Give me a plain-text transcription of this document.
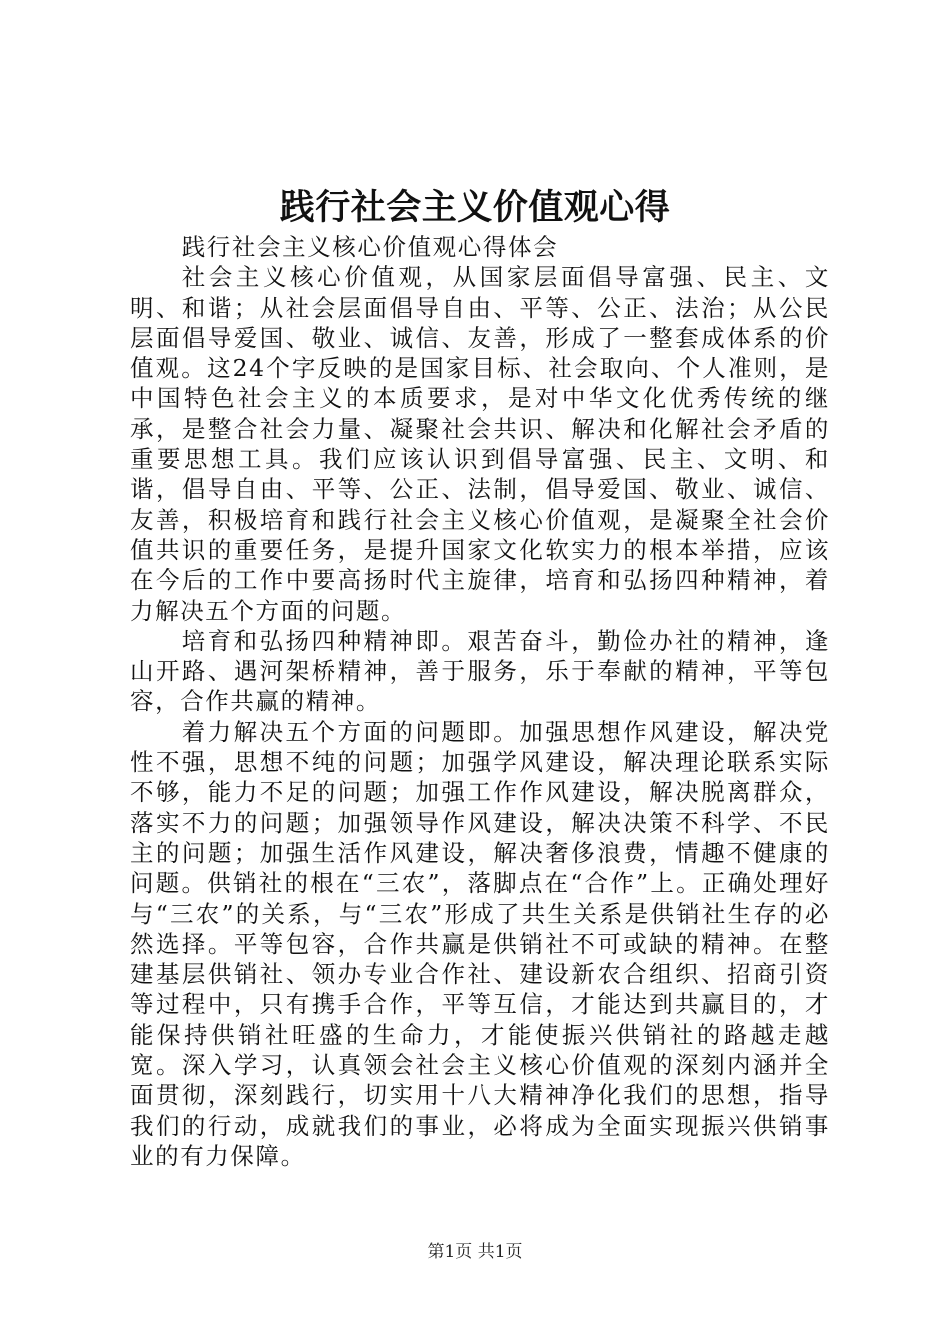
践行社会主义价值观心得

践行社会主义核心价值观心得体会

社会主义核心价值观，从国家层面倡导富强、民主、文明、和谐；从社会层面倡导自由、平等、公正、法治；从公民层面倡导爱国、敬业、诚信、友善，形成了一整套成体系的价值观。这24个字反映的是国家目标、社会取向、个人准则，是中国特色社会主义的本质要求，是对中华文化优秀传统的继承，是整合社会力量、凝聚社会共识、解决和化解社会矛盾的重要思想工具。我们应该认识到倡导富强、民主、文明、和谐，倡导自由、平等、公正、法制，倡导爱国、敬业、诚信、友善，积极培育和践行社会主义核心价值观，是凝聚全社会价值共识的重要任务，是提升国家文化软实力的根本举措，应该在今后的工作中要高扬时代主旋律，培育和弘扬四种精神，着力解决五个方面的问题。

培育和弘扬四种精神即。艰苦奋斗，勤俭办社的精神，逢山开路、遇河架桥精神，善于服务，乐于奉献的精神，平等包容，合作共赢的精神。

着力解决五个方面的问题即。加强思想作风建设，解决党性不强，思想不纯的问题；加强学风建设，解决理论联系实际不够，能力不足的问题；加强工作作风建设，解决脱离群众，落实不力的问题；加强领导作风建设，解决决策不科学、不民主的问题；加强生活作风建设，解决奢侈浪费，情趣不健康的问题。供销社的根在“三农”，落脚点在“合作”上。正确处理好与“三农”的关系，与“三农”形成了共生关系是供销社生存的必然选择。平等包容，合作共赢是供销社不可或缺的精神。在整建基层供销社、领办专业合作社、建设新农合组织、招商引资等过程中，只有携手合作，平等互信，才能达到共赢目的，才能保持供销社旺盛的生命力，才能使振兴供销社的路越走越宽。深入学习，认真领会社会主义核心价值观的深刻内涵并全面贯彻，深刻践行，切实用十八大精神净化我们的思想，指导我们的行动，成就我们的事业，必将成为全面实现振兴供销事业的有力保障。

第1页 共1页
